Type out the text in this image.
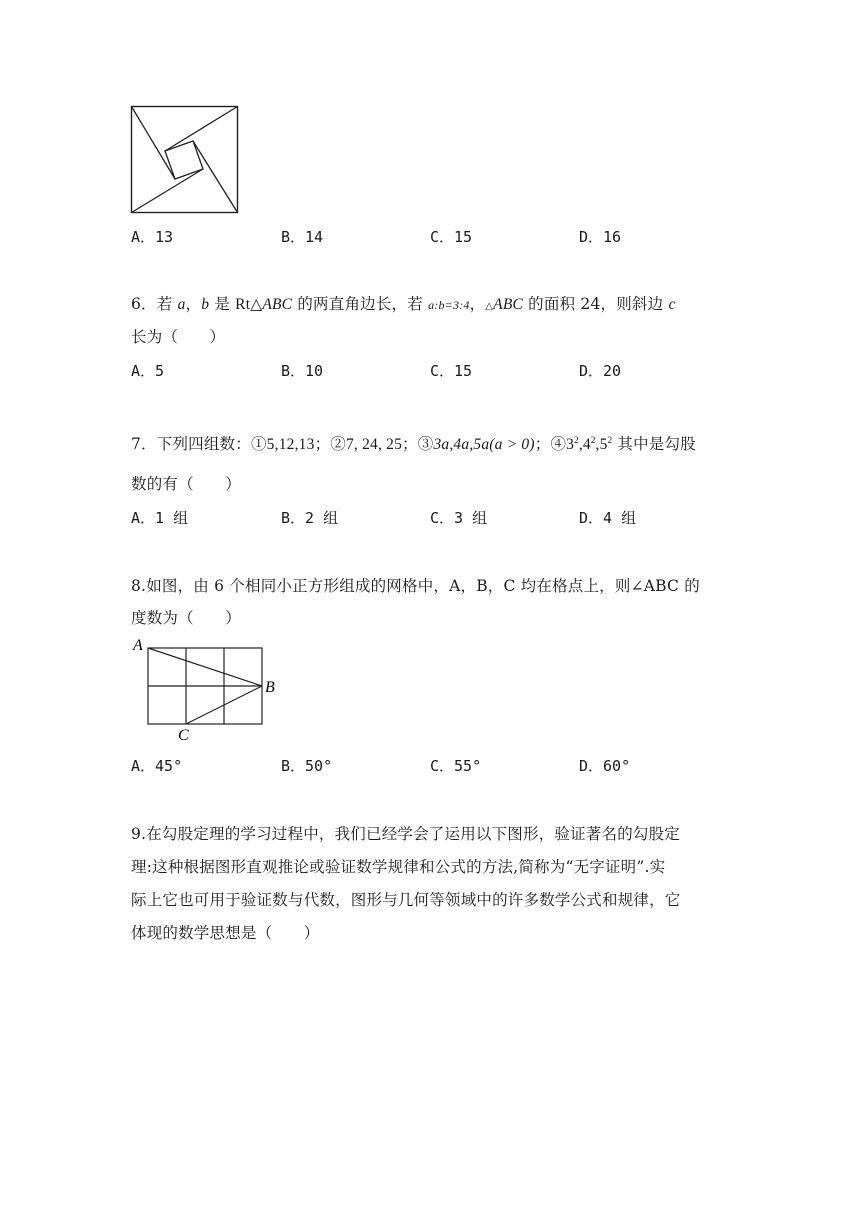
A．13	B．14	C．15	D．16
6．若 a，b 是 Rt△ABC 的两直角边长，若 a:b=3:4，△ABC 的面积 24，则斜边 c
长为（　　）
A．5	B．10	C．15	D．20
7．下列四组数：①5,12,13；②7, 24, 25；③3a,4a,5a(a > 0)；$④3^2,4^2,5^2$ 其中是勾股
数的有（　　）
A．1 组	B．2 组	C．3 组	D．4 组
8.如图，由 6 个相同小正方形组成的网格中，A，B，C 均在格点上，则∠ABC 的
度数为（　　）
A
B
C
A．45°	B．50°	C．55°	D．60°
9.在勾股定理的学习过程中，我们已经学会了运用以下图形，验证著名的勾股定
理:这种根据图形直观推论或验证数学规律和公式的方法,简称为“无字证明”.实
际上它也可用于验证数与代数，图形与几何等领域中的许多数学公式和规律，它
体现的数学思想是（　　）
